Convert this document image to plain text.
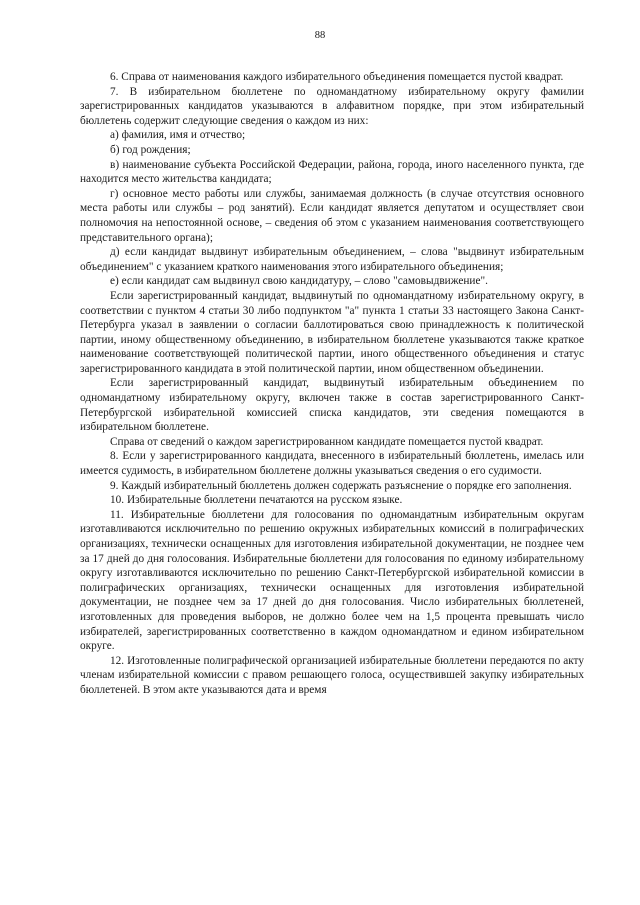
88

6. Справа от наименования каждого избирательного объединения помещается пустой квадрат.

7. В избирательном бюллетене по одномандатному избирательному округу фамилии зарегистрированных кандидатов указываются в алфавитном порядке, при этом избирательный бюллетень содержит следующие сведения о каждом из них:

а) фамилия, имя и отчество;

б) год рождения;

в) наименование субъекта Российской Федерации, района, города, иного населенного пункта, где находится место жительства кандидата;

г) основное место работы или службы, занимаемая должность (в случае отсутствия основного места работы или службы – род занятий). Если кандидат является депутатом и осуществляет свои полномочия на непостоянной основе, – сведения об этом с указанием наименования соответствующего представительного органа);

д) если кандидат выдвинут избирательным объединением, – слова "выдвинут избирательным объединением" с указанием краткого наименования этого избирательного объединения;

е) если кандидат сам выдвинул свою кандидатуру, – слово "самовыдвижение".

Если зарегистрированный кандидат, выдвинутый по одномандатному избирательному округу, в соответствии с пунктом 4 статьи 30 либо подпунктом "а" пункта 1 статьи 33 настоящего Закона Санкт-Петербурга указал в заявлении о согласии баллотироваться свою принадлежность к политической партии, иному общественному объединению, в избирательном бюллетене указываются также краткое наименование соответствующей политической партии, иного общественного объединения и статус зарегистрированного кандидата в этой политической партии, ином общественном объединении.

Если зарегистрированный кандидат, выдвинутый избирательным объединением по одномандатному избирательному округу, включен также в состав зарегистрированного Санкт-Петербургской избирательной комиссией списка кандидатов, эти сведения помещаются в избирательном бюллетене.

Справа от сведений о каждом зарегистрированном кандидате помещается пустой квадрат.

8. Если у зарегистрированного кандидата, внесенного в избирательный бюллетень, имелась или имеется судимость, в избирательном бюллетене должны указываться сведения о его судимости.

9. Каждый избирательный бюллетень должен содержать разъяснение о порядке его заполнения.

10. Избирательные бюллетени печатаются на русском языке.

11. Избирательные бюллетени для голосования по одномандатным избирательным округам изготавливаются исключительно по решению окружных избирательных комиссий в полиграфических организациях, технически оснащенных для изготовления избирательной документации, не позднее чем за 17 дней до дня голосования. Избирательные бюллетени для голосования по единому избирательному округу изготавливаются исключительно по решению Санкт-Петербургской избирательной комиссии в полиграфических организациях, технически оснащенных для изготовления избирательной документации, не позднее чем за 17 дней до дня голосования. Число избирательных бюллетеней, изготовленных для проведения выборов, не должно более чем на 1,5 процента превышать число избирателей, зарегистрированных соответственно в каждом одномандатном и едином избирательном округе.

12. Изготовленные полиграфической организацией избирательные бюллетени передаются по акту членам избирательной комиссии с правом решающего голоса, осуществившей закупку избирательных бюллетеней. В этом акте указываются дата и время
